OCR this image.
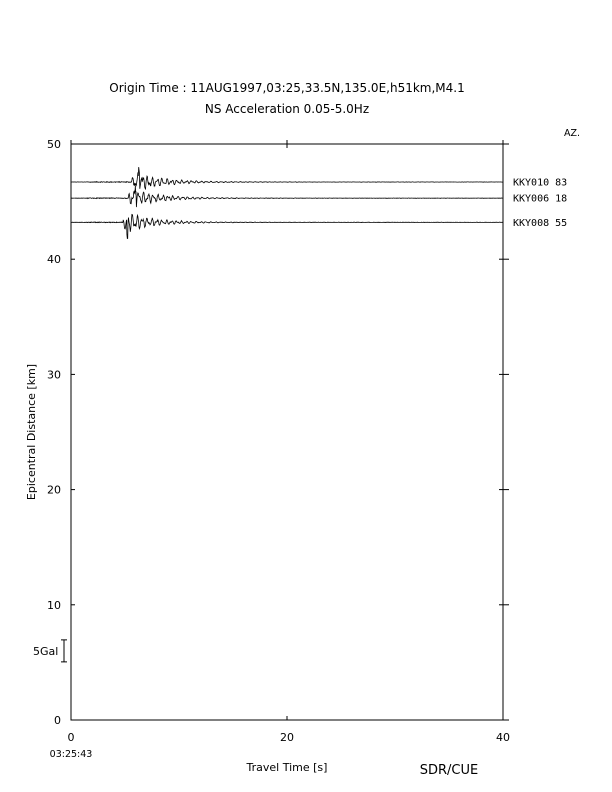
Origin Time : 11AUG1997,03:25,33.5N,135.0E,h51km,M4.1
NS Acceleration 0.05-5.0Hz
AZ.
0
10
20
30
40
50
0	20	40
KKY010 83
KKY006 18
KKY008 55
5Gal
Travel Time [s]
Epicentral Distance [km]
03:25:43
SDR/CUE
